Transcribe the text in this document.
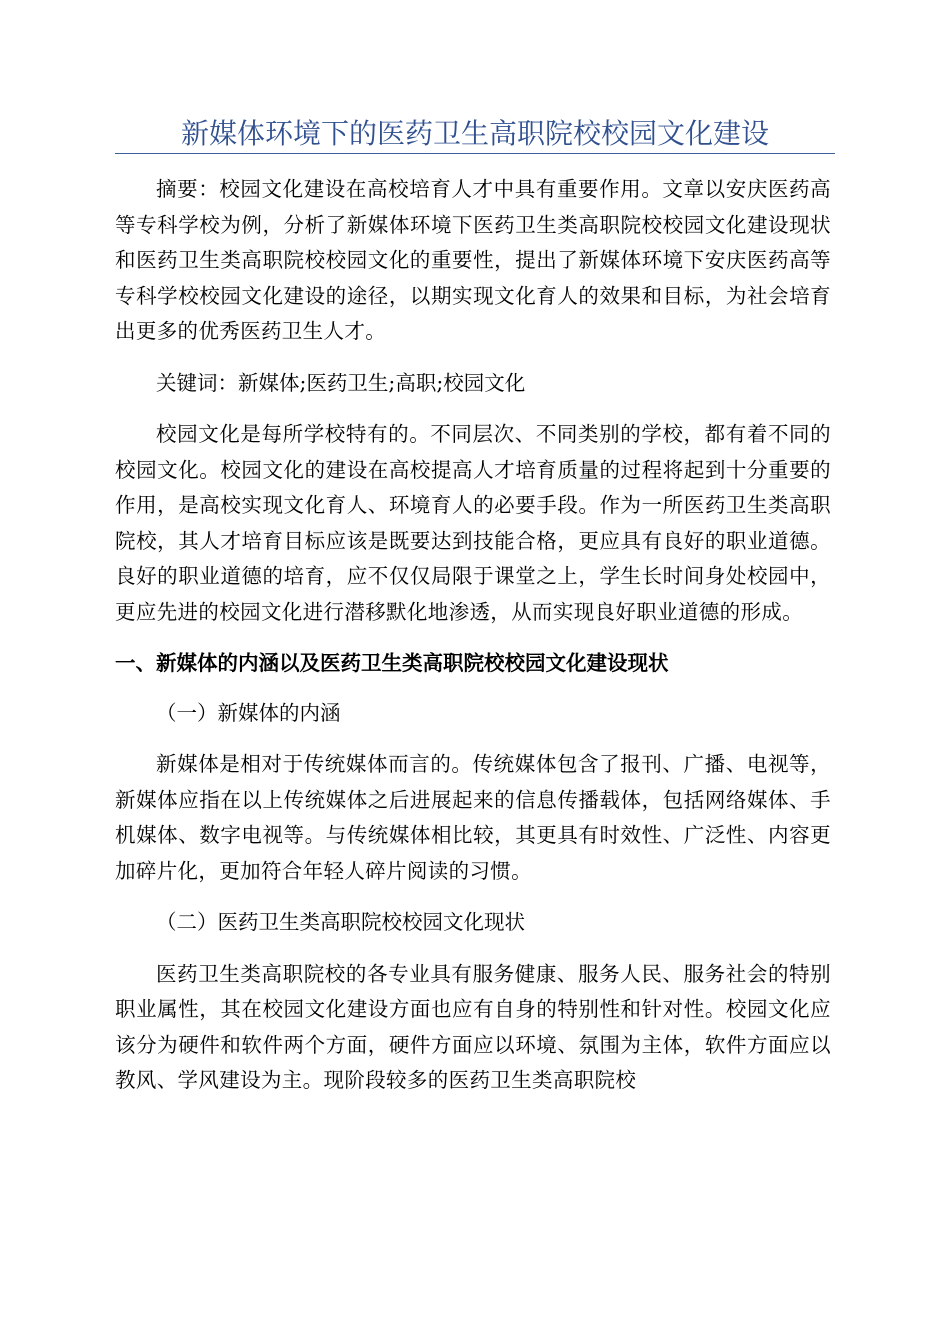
新媒体环境下的医药卫生高职院校校园文化建设

摘要：校园文化建设在高校培育人才中具有重要作用。文章以安庆医药高等专科学校为例，分析了新媒体环境下医药卫生类高职院校校园文化建设现状和医药卫生类高职院校校园文化的重要性，提出了新媒体环境下安庆医药高等专科学校校园文化建设的途径，以期实现文化育人的效果和目标，为社会培育出更多的优秀医药卫生人才。

关键词：新媒体;医药卫生;高职;校园文化

校园文化是每所学校特有的。不同层次、不同类别的学校，都有着不同的校园文化。校园文化的建设在高校提高人才培育质量的过程将起到十分重要的作用，是高校实现文化育人、环境育人的必要手段。作为一所医药卫生类高职院校，其人才培育目标应该是既要达到技能合格，更应具有良好的职业道德。良好的职业道德的培育，应不仅仅局限于课堂之上，学生长时间身处校园中，更应先进的校园文化进行潜移默化地渗透，从而实现良好职业道德的形成。

一、新媒体的内涵以及医药卫生类高职院校校园文化建设现状

（一）新媒体的内涵

新媒体是相对于传统媒体而言的。传统媒体包含了报刊、广播、电视等，新媒体应指在以上传统媒体之后进展起来的信息传播载体，包括网络媒体、手机媒体、数字电视等。与传统媒体相比较，其更具有时效性、广泛性、内容更加碎片化，更加符合年轻人碎片阅读的习惯。

（二）医药卫生类高职院校校园文化现状

医药卫生类高职院校的各专业具有服务健康、服务人民、服务社会的特别职业属性，其在校园文化建设方面也应有自身的特别性和针对性。校园文化应该分为硬件和软件两个方面，硬件方面应以环境、氛围为主体，软件方面应以教风、学风建设为主。现阶段较多的医药卫生类高职院校
